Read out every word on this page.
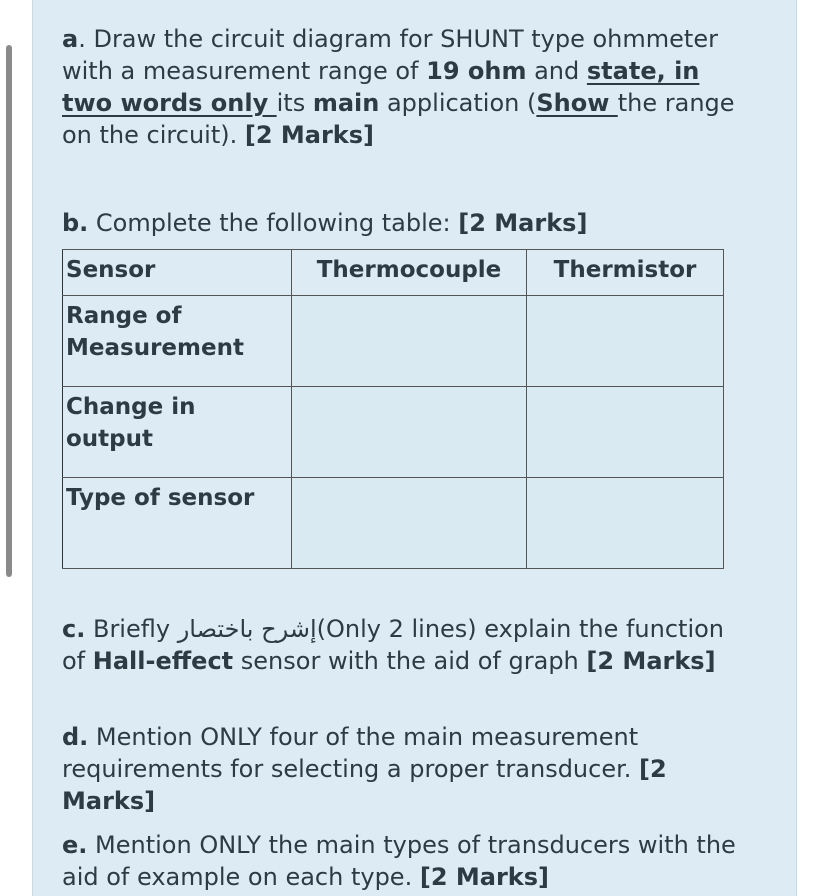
a. Draw the circuit diagram for SHUNT type ohmmeter with a measurement range of 19 ohm and state, in two words only its main application (Show the range on the circuit). [2 Marks]
b. Complete the following table: [2 Marks]
Sensor	Thermocouple	Thermistor
Range of Measurement		
Change in output		
Type of sensor		
c. Briefly إشرح باختصار(Only 2 lines) explain the function of Hall-effect sensor with the aid of graph [2 Marks]
d. Mention ONLY four of the main measurement requirements for selecting a proper transducer. [2 Marks]
e. Mention ONLY the main types of transducers with the aid of example on each type. [2 Marks]
